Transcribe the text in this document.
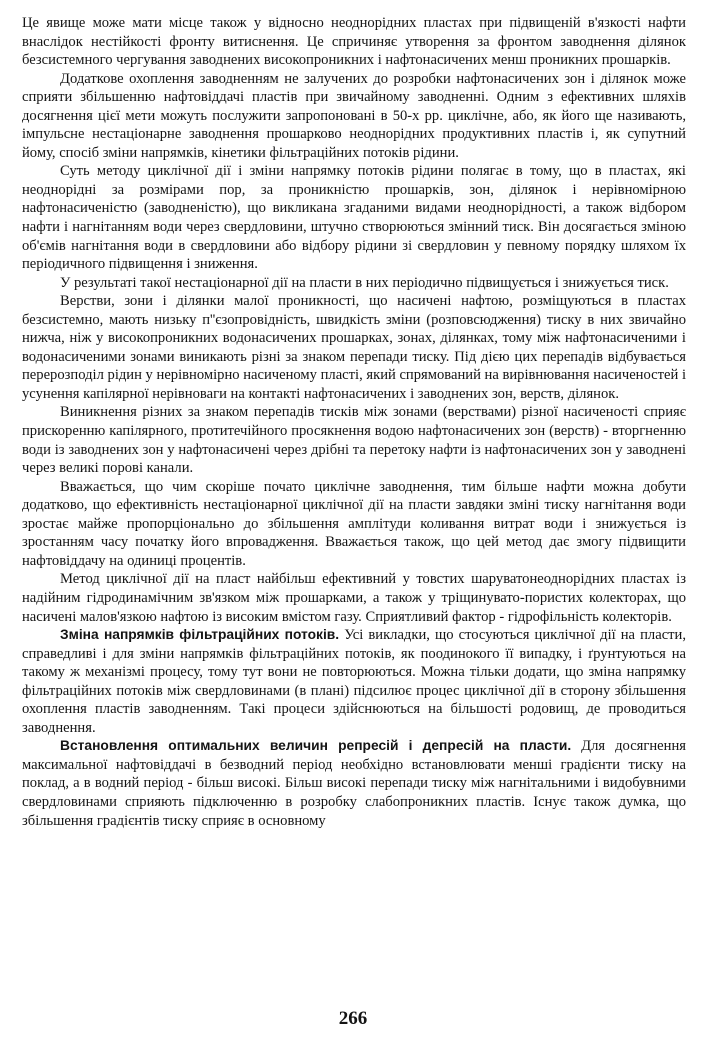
Це явище може мати місце також у відносно неоднорідних пластах при підвищеній в'язкості нафти внаслідок нестійкості фронту витиснення. Це спричиняє утворення за фронтом заводнення ділянок безсистемного чергування заводнених високопроникних і нафтонасичених менш проникних прошарків.

Додаткове охоплення заводненням не залучених до розробки нафтонасичених зон і ділянок може сприяти збільшенню нафтовіддачі пластів при звичайному заводненні. Одним з ефективних шляхів досягнення цієї мети можуть послужити запропоновані в 50-х рр. циклічне, або, як його ще називають, імпульсне нестаціонарне заводнення прошарково неоднорідних продуктивних пластів і, як супутний йому, спосіб зміни напрямків, кінетики фільтраційних потоків рідини.

Суть методу циклічної дії і зміни напрямку потоків рідини полягає в тому, що в пластах, які неоднорідні за розмірами пор, за проникністю прошарків, зон, ділянок і нерівномірною нафтонасиченістю (заводненістю), що викликана згаданими видами неоднорідності, а також відбором нафти і нагнітанням води через свердловини, штучно створюються змінний тиск. Він досягається зміною об'ємів нагнітання води в свердловини або відбору рідини зі свердловин у певному порядку шляхом їх періодичного підвищення і зниження.

У результаті такої нестаціонарної дії на пласти в них періодично підвищується і знижується тиск.

Верстви, зони і ділянки малої проникності, що насичені нафтою, розміщуються в пластах безсистемно, мають низьку п''єзопровідність, швидкість зміни (розповсюдження) тиску в них звичайно нижча, ніж у високопроникних водонасичених прошарках, зонах, ділянках, тому між нафтонасиченими і водонасиченими зонами виникають різні за знаком перепади тиску. Під дією цих перепадів відбувається перерозподіл рідин у нерівномірно насиченому пласті, який спрямований на вирівнювання насиченостей і усунення капілярної нерівноваги на контакті нафтонасичених і заводнених зон, верств, ділянок.

Виникнення різних за знаком перепадів тисків між зонами (верствами) різної насиченості сприяє прискоренню капілярного, протитечійного просякнення водою нафтонасичених зон (верств) - вторгненню води із заводнених зон у нафтонасичені через дрібні та перетоку нафти із нафтонасичених зон у заводнені через великі порові канали.

Вважається, що чим скоріше почато циклічне заводнення, тим більше нафти можна добути додатково, що ефективність нестаціонарної циклічної дії на пласти завдяки зміні тиску нагнітання води зростає майже пропорціонально до збільшення амплітуди коливання витрат води і знижується із зростанням часу початку його впровадження. Вважається також, що цей метод дає змогу підвищити нафтовіддачу на одиниці процентів.

Метод циклічної дії на пласт найбільш ефективний у товстих шаруватонеоднорідних пластах із надійним гідродинамічним зв'язком між прошарками, а також у тріщинувато-пористих колекторах, що насичені малов'язкою нафтою із високим вмістом газу. Сприятливий фактор - гідрофільність колекторів.

Зміна напрямків фільтраційних потоків. Усі викладки, що стосуються циклічної дії на пласти, справедливі і для зміни напрямків фільтраційних потоків, як поодинокого її випадку, і ґрунтуються на такому ж механізмі процесу, тому тут вони не повторюються. Можна тільки додати, що зміна напрямку фільтраційних потоків між свердловинами (в плані) підсилює процес циклічної дії в сторону збільшення охоплення пластів заводненням. Такі процеси здійснюються на більшості родовищ, де проводиться заводнення.

Встановлення оптимальних величин репресій і депресій на пласти. Для досягнення максимальної нафтовіддачі в безводний період необхідно встановлювати менші градієнти тиску на поклад, а в водний період - більш високі. Більш високі перепади тиску між нагнітальними і видобувними свердловинами сприяють підключенню в розробку слабопроникних пластів. Існує також думка, що збільшення градієнтів тиску сприяє в основному

266
